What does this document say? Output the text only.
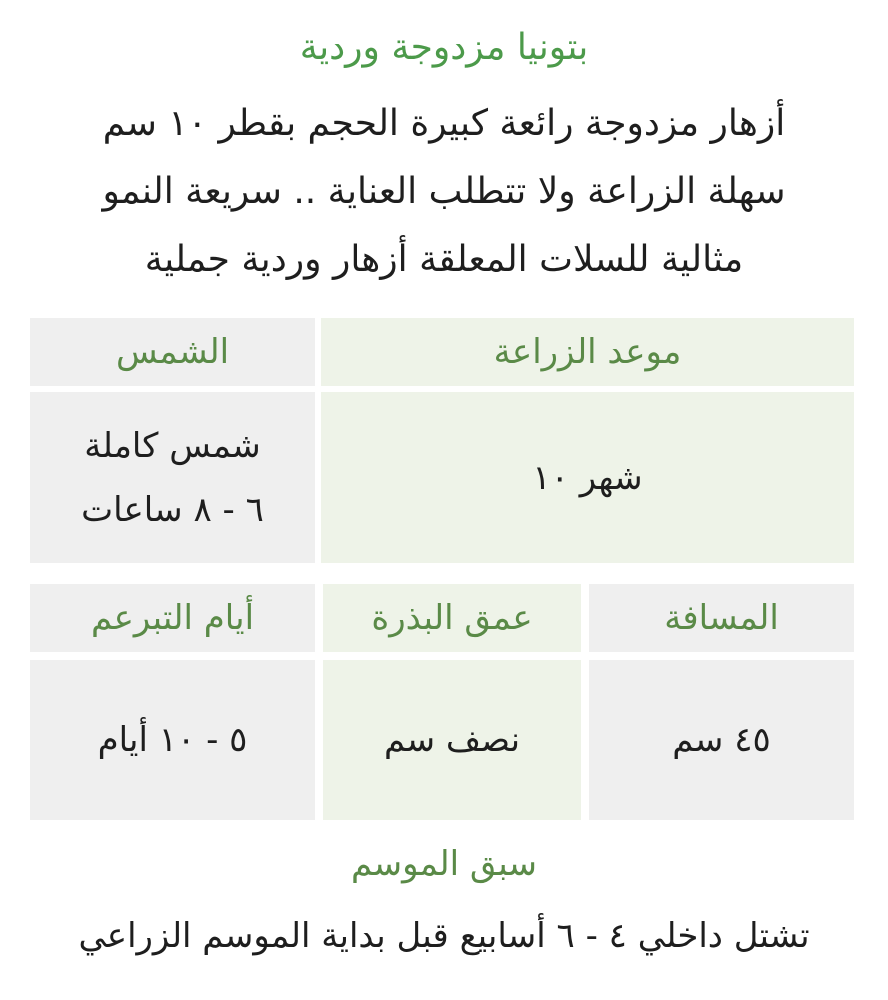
بتونيا مزدوجة وردية
أزهار مزدوجة رائعة كبيرة الحجم بقطر ١٠ سم
سهلة الزراعة ولا تتطلب العناية .. سريعة النمو
مثالية للسلات المعلقة أزهار وردية جملية
موعد الزراعة
الشمس
شهر ١٠
شمس كاملة
٦ - ٨ ساعات
المسافة
عمق البذرة
أيام التبرعم
٤٥ سم
نصف سم
٥ - ١٠ أيام
سبق الموسم
تشتل داخلي ٤ - ٦ أسابيع قبل بداية الموسم الزراعي
